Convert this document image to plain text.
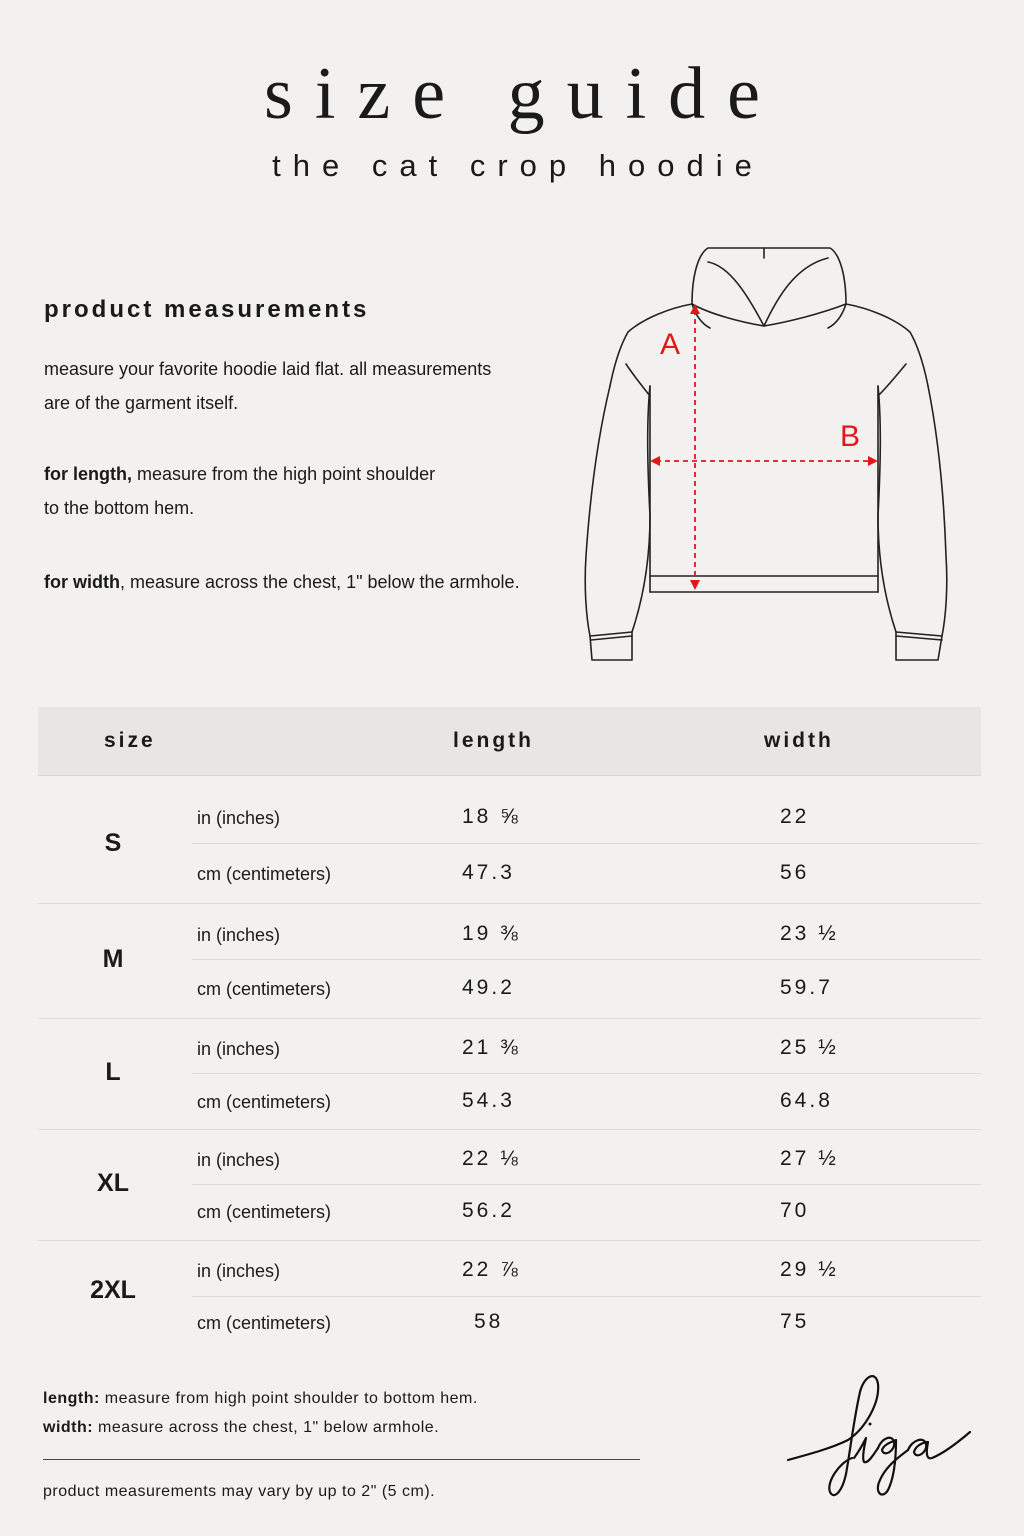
size guide
the cat crop hoodie
product measurements
measure your favorite hoodie laid flat. all measurements
are of the garment itself.
for length, measure from the high point shoulder
to the bottom hem.
for width, measure across the chest, 1" below the armhole.
A
B
size	length	width
S
in (inches)	18 ⅝	22
cm (centimeters)	47.3	56
M
in (inches)	19 ⅜	23 ½
cm (centimeters)	49.2	59.7
L
in (inches)	21 ⅜	25 ½
cm (centimeters)	54.3	64.8
XL
in (inches)	22 ⅛	27 ½
cm (centimeters)	56.2	70
2XL
in (inches)	22 ⅞	29 ½
cm (centimeters)	58	75
length: measure from high point shoulder to bottom hem.
width: measure across the chest, 1" below armhole.
product measurements may vary by up to 2" (5 cm).
figa
